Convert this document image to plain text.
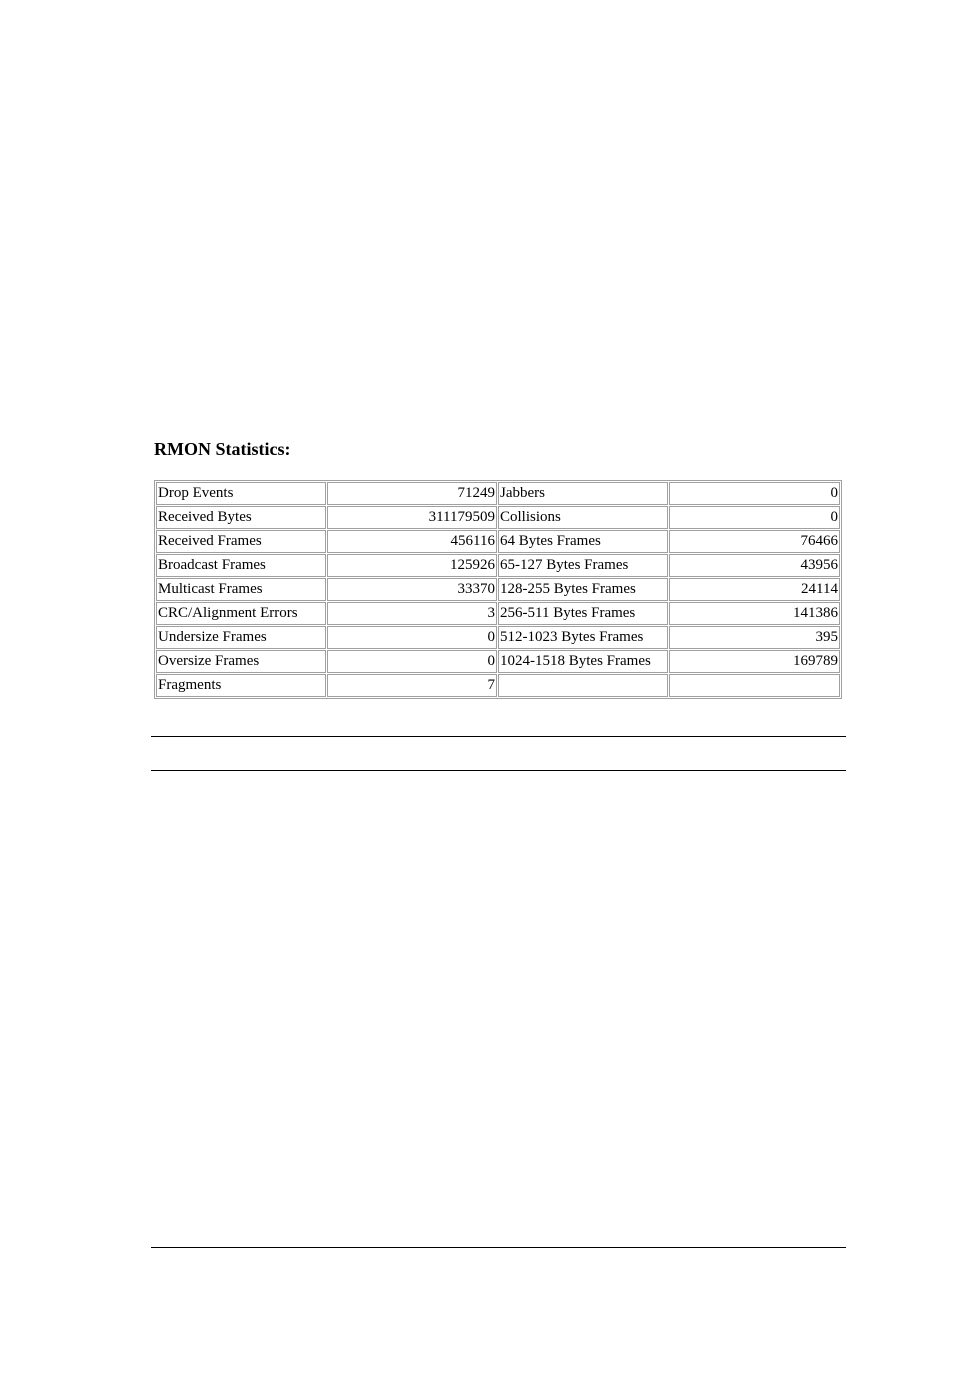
RMON Statistics:
Drop Events	71249	Jabbers	0
Received Bytes	311179509	Collisions	0
Received Frames	456116	64 Bytes Frames	76466
Broadcast Frames	125926	65-127 Bytes Frames	43956
Multicast Frames	33370	128-255 Bytes Frames	24114
CRC/Alignment Errors	3	256-511 Bytes Frames	141386
Undersize Frames	0	512-1023 Bytes Frames	395
Oversize Frames	0	1024-1518 Bytes Frames	169789
Fragments	7		
